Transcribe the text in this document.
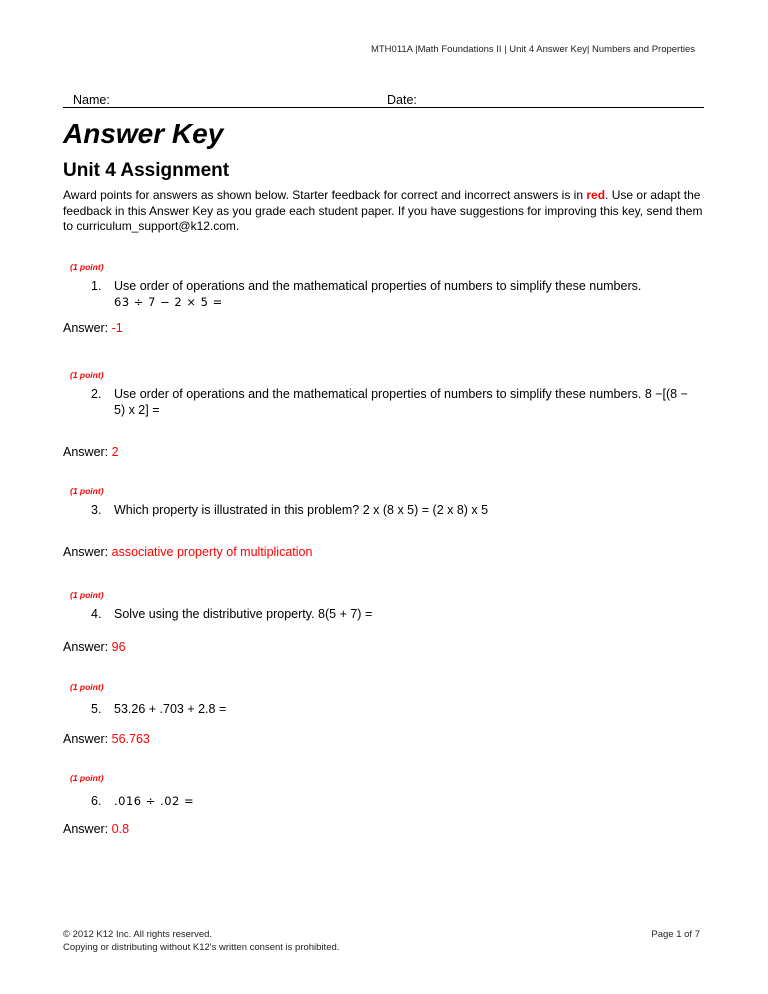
MTH011A |Math Foundations II | Unit 4 Answer Key| Numbers and Properties
Name:	Date:
Answer Key
Unit 4 Assignment

Award points for answers as shown below. Starter feedback for correct and incorrect answers is in red. Use or adapt the feedback in this Answer Key as you grade each student paper. If you have suggestions for improving this key, send them to curriculum_support@k12.com.

(1 point)
1. Use order of operations and the mathematical properties of numbers to simplify these numbers.
63 ÷ 7 − 2 × 5 =
Answer: -1
(1 point)
2. Use order of operations and the mathematical properties of numbers to simplify these numbers. 8 −[(8 −
5) x 2] =
Answer: 2
(1 point)
3. Which property is illustrated in this problem? 2 x (8 x 5) = (2 x 8) x 5
Answer: associative property of multiplication
(1 point)
4. Solve using the distributive property. 8(5 + 7) =
Answer: 96
(1 point)
5. 53.26 + .703 + 2.8 =
Answer: 56.763
(1 point)
6. .016 ÷ .02 =
Answer: 0.8
© 2012 K12 Inc. All rights reserved.
Copying or distributing without K12's written consent is prohibited.
Page 1 of 7
